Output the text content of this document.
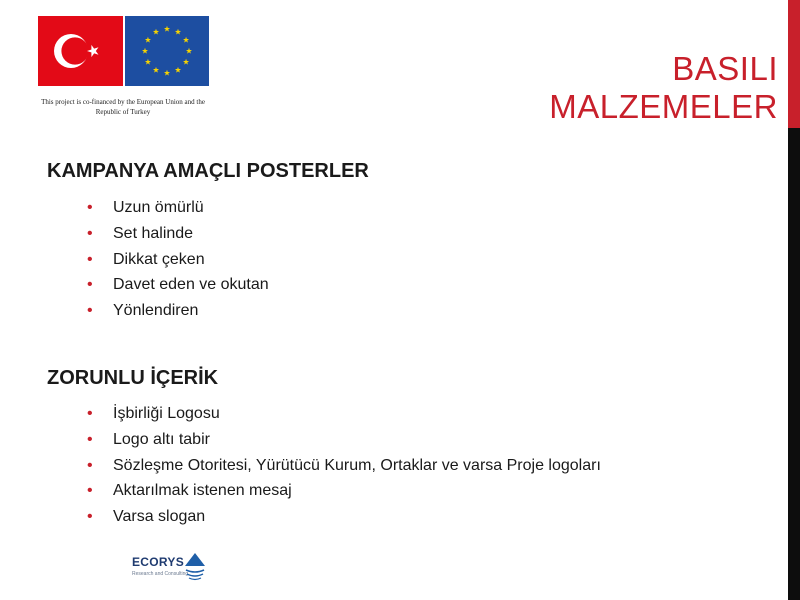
This project is co-financed by the European Union and the Republic of Turkey
BASILI
MALZEMELER
KAMPANYA AMAÇLI POSTERLER
• Uzun ömürlü
• Set halinde
• Dikkat çeken
• Davet eden ve okutan
• Yönlendiren
ZORUNLU İÇERİK
• İşbirliği Logosu
• Logo altı tabir
• Sözleşme Otoritesi, Yürütücü Kurum, Ortaklar ve varsa Proje logoları
• Aktarılmak istenen mesaj
• Varsa slogan
ECORYS
Research and Consulting
